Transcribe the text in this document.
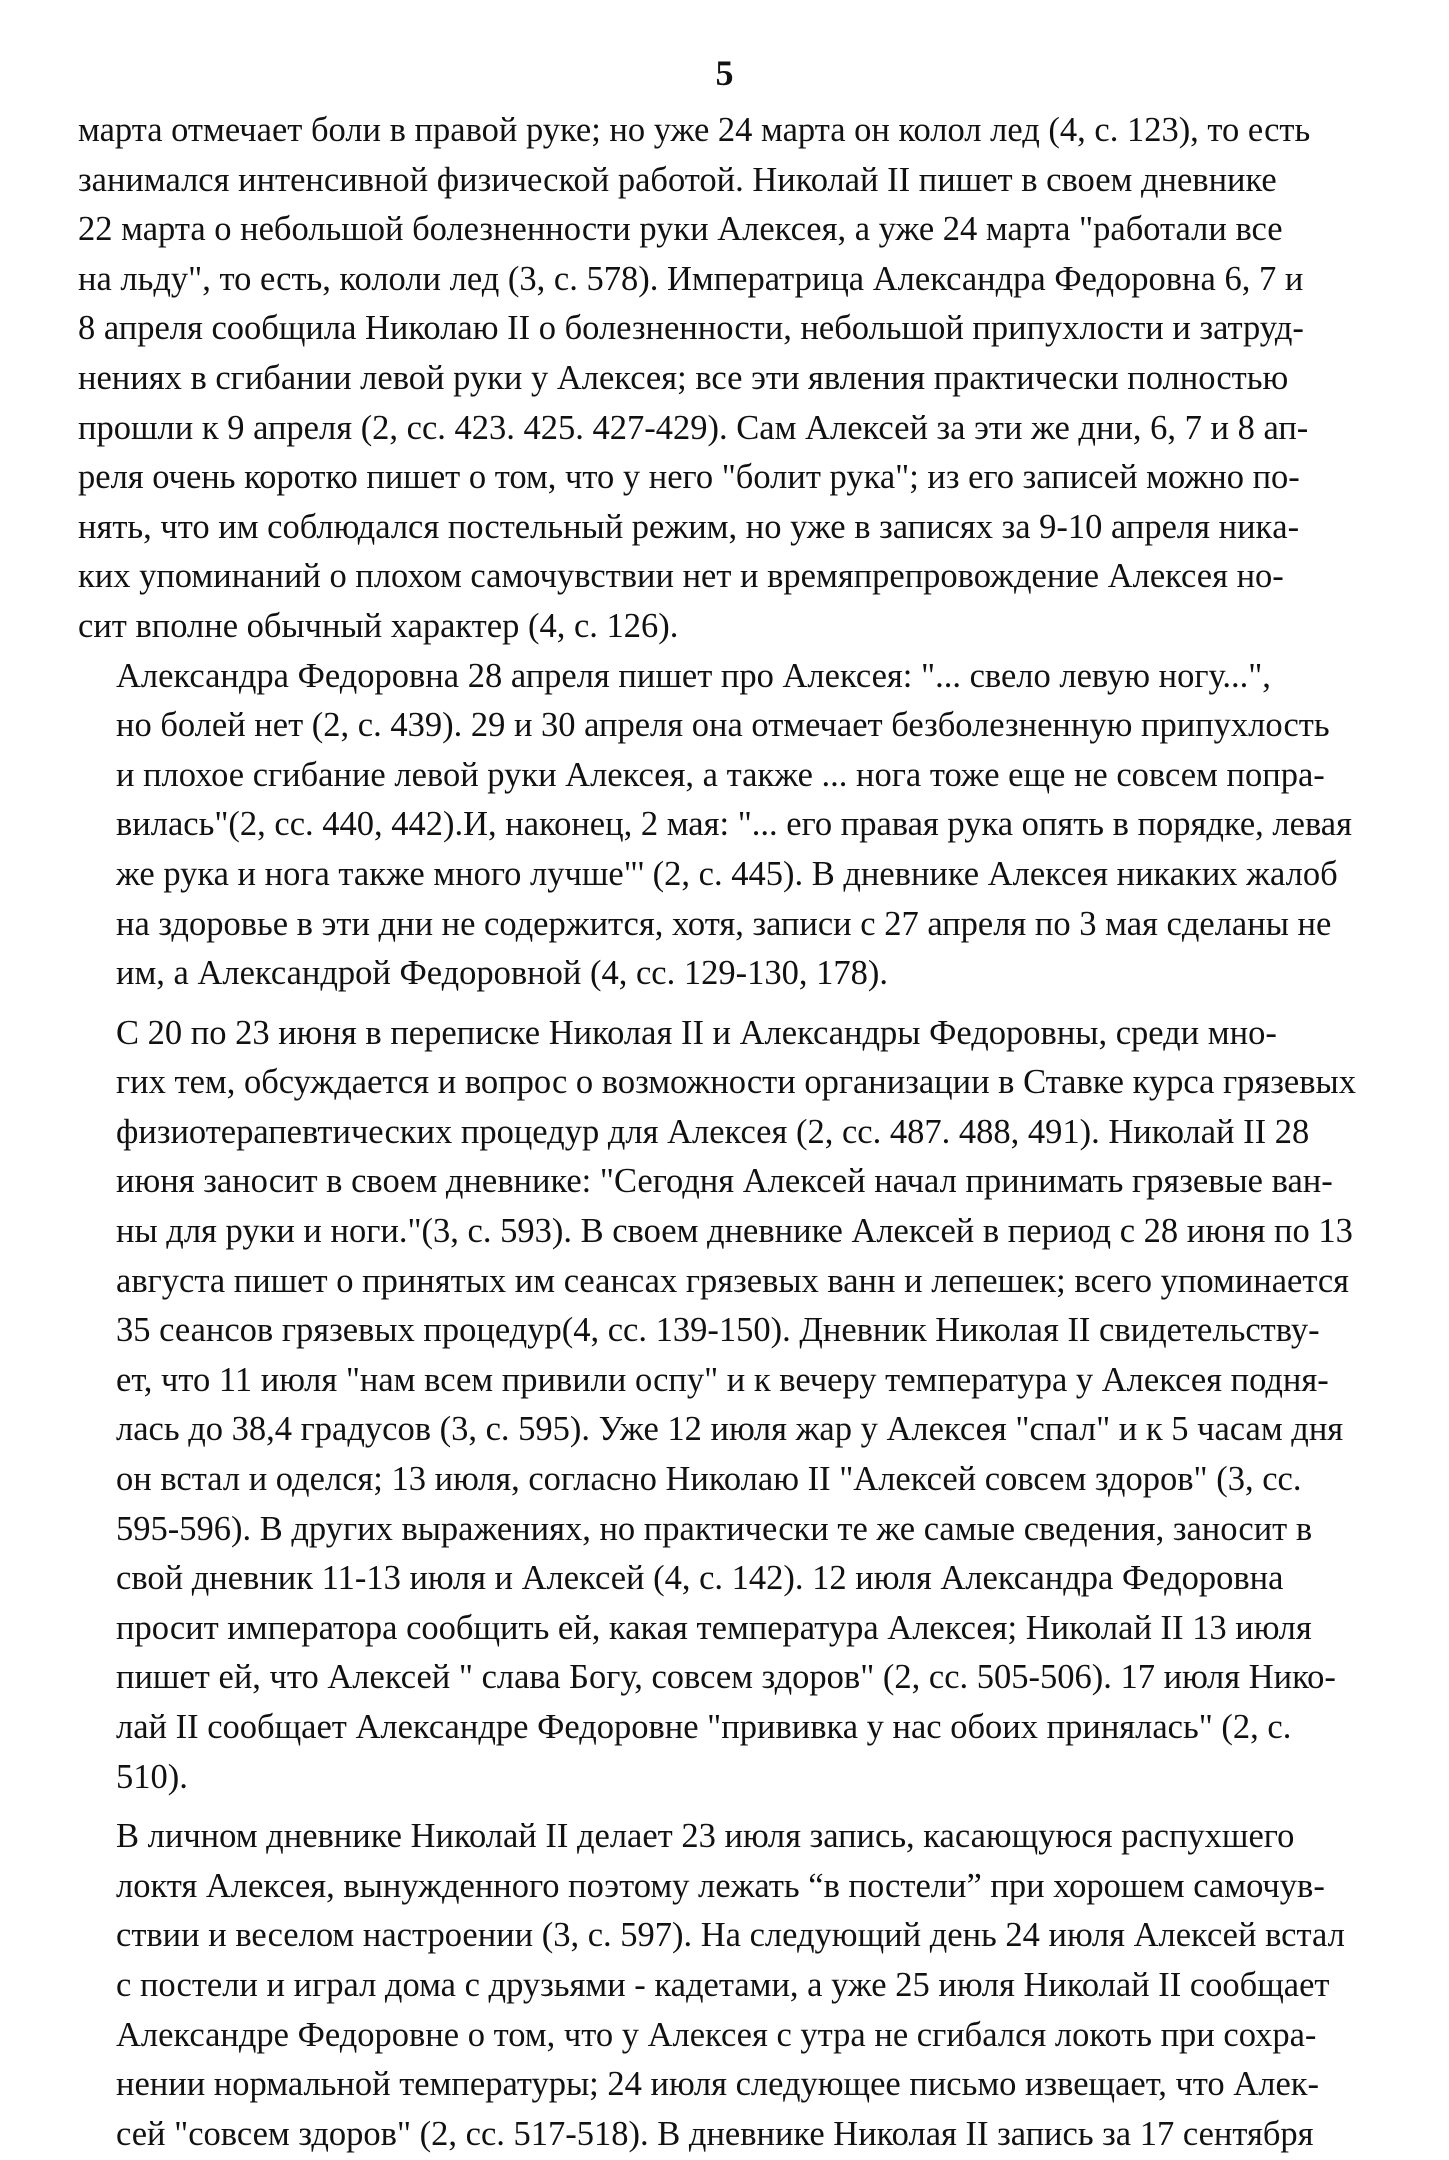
5

марта отмечает боли в правой руке; но уже 24 марта он колол лед (4, с. 123), то есть
занимался интенсивной физической работой. Николай II пишет в своем дневнике
22 марта о небольшой болезненности руки Алексея, а уже 24 марта "работали все
на льду", то есть, кололи лед (3, с. 578). Императрица Александра Федоровна 6, 7 и
8 апреля сообщила Николаю II о болезненности, небольшой припухлости и затруд-
нениях в сгибании левой руки у Алексея; все эти явления практически полностью
прошли к 9 апреля (2, сс. 423. 425. 427-429). Сам Алексей за эти же дни, 6, 7 и 8 ап-
реля очень коротко пишет о том, что у него "болит рука"; из его записей можно по-
нять, что им соблюдался постельный режим, но уже в записях за 9-10 апреля никa-
ких упоминаний о плохом самочувствии нет и времяпрепровождение Алексея но-
сит вполне обычный характер (4, с. 126).

Александра Федоровна 28 апреля пишет про Алексея: "... свело левую ногу...",
но болей нет (2, с. 439). 29 и 30 апреля она отмечает безболезненную припухлость
и плохое сгибание левой руки Алексея, а также ... нога тоже еще не совсем попра-
вилась"(2, сс. 440, 442).И, наконец, 2 мая: "... его правая рука опять в порядке, левая
же рука и нога также много лучше"' (2, с. 445). В дневнике Алексея никаких жалоб
на здоровье в эти дни не содержится, хотя, записи с 27 апреля по 3 мая сделаны не
им, а Александрой Федоровной (4, сс. 129-130, 178).

С 20 по 23 июня в переписке Николая II и Александры Федоровны, среди мно-
гих тем, обсуждается и вопрос о возможности организации в Ставке курса грязевых
физиотерапевтических процедур для Алексея (2, сс. 487. 488, 491). Николай II 28
июня заносит в своем дневнике: "Сегодня Алексей начал принимать грязевые ван-
ны для руки и ноги."(3, с. 593). В своем дневнике Алексей в период с 28 июня по 13
августа пишет о принятых им сеансах грязевых ванн и лепешек; всего упоминается
35 сеансов грязевых процедур(4, сс. 139-150). Дневник Николая II свидетельству-
ет, что 11 июля "нам всем привили оспу" и к вечеру температура у Алексея подня-
лась до 38,4 градусов (3, с. 595). Уже 12 июля жар у Алексея "спал" и к 5 часам дня
он встал и оделся; 13 июля, согласно Николаю II "Алексей совсем здоров" (3, сс.
595-596). В других выражениях, но практически те же самые сведения, заносит в
свой дневник 11-13 июля и Алексей (4, с. 142). 12 июля Александра Федоровна
просит императора сообщить ей, какая температура Алексея; Николай II 13 июля
пишет ей, что Алексей " слава Богу, совсем здоров" (2, сс. 505-506). 17 июля Нико-
лай II сообщает Александре Федоровне "прививка у нас обоих принялась" (2, с.
510).

В личном дневнике Николай II делает 23 июля запись, касающуюся распухшего
локтя Алексея, вынужденного поэтому лежать “в постели” при хорошем самочув-
ствии и веселом настроении (3, с. 597). На следующий день 24 июля Алексей встал
с постели и играл дома с друзьями - кадетами, а уже 25 июля Николай II сообщает
Александре Федоровне о том, что у Алексея с утра не сгибался локоть при сохра-
нении нормальной температуры; 24 июля следующее письмо извещает, что Алек-
сей "совсем здоров" (2, сс. 517-518). В дневнике Николая II запись за 17 сентября
